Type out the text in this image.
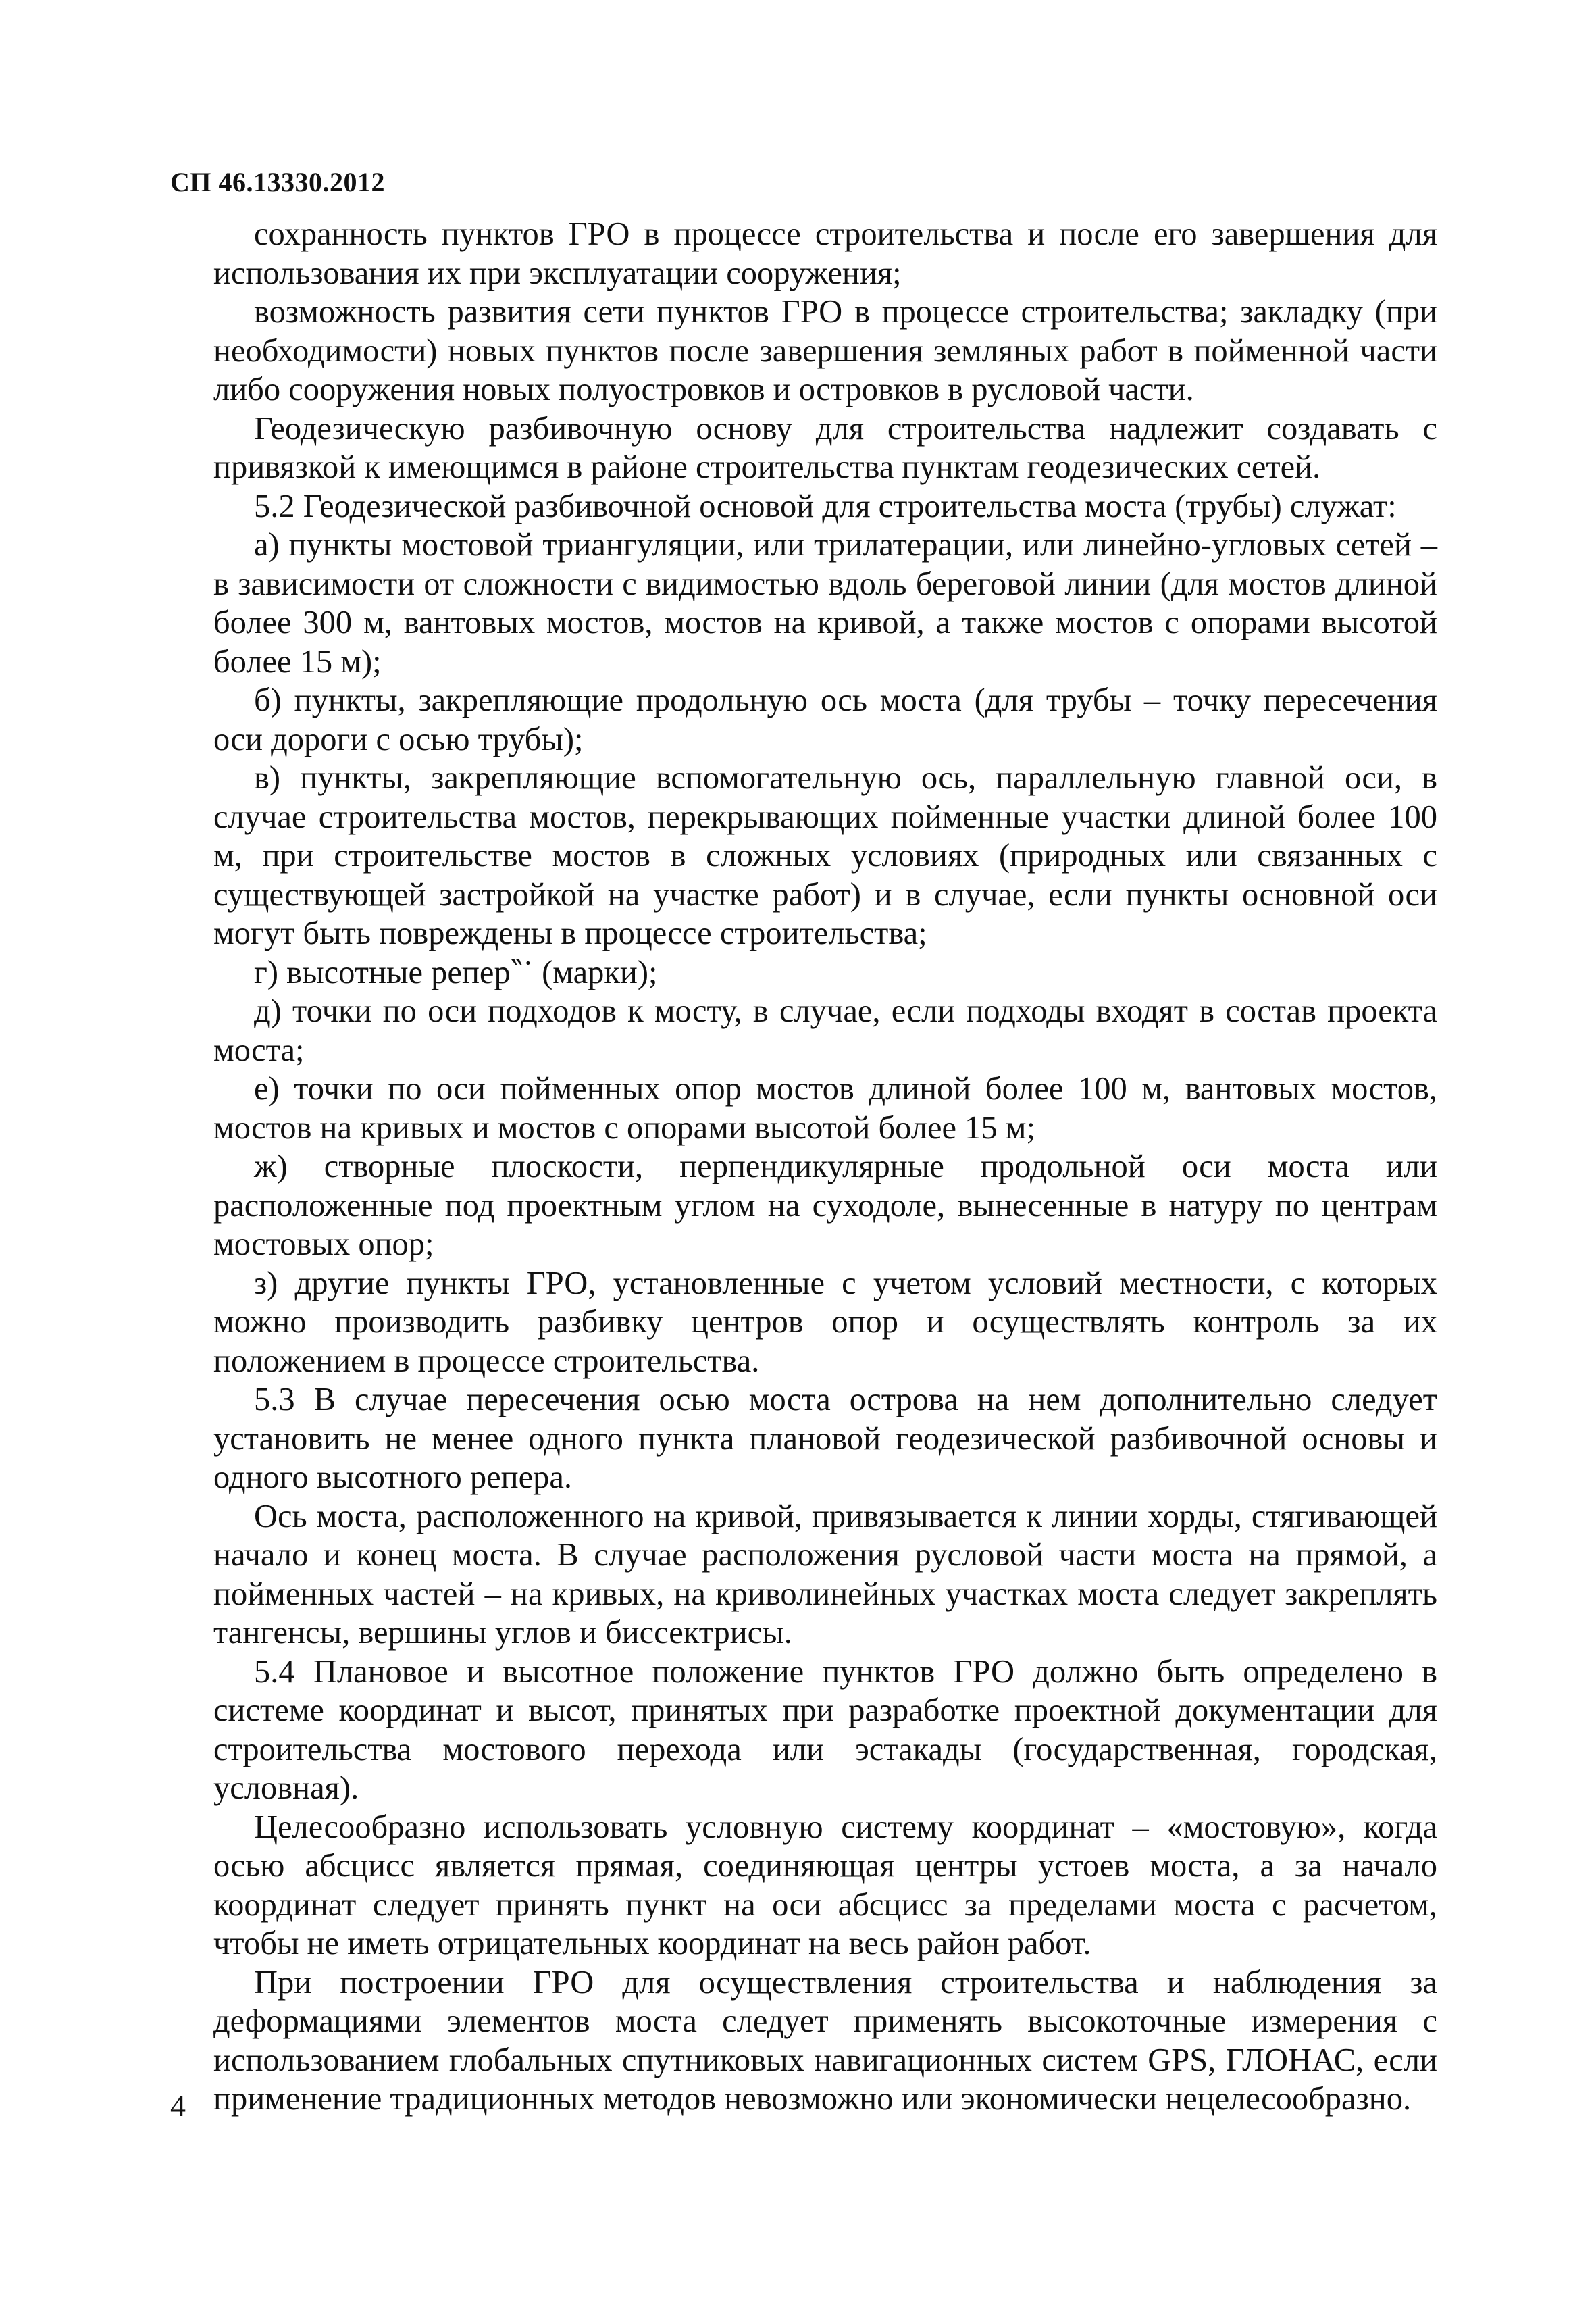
СП 46.13330.2012

сохранность пунктов ГРО в процессе строительства и после его завершения для использования их при эксплуатации сооружения;

возможность развития сети пунктов ГРО в процессе строительства; закладку (при необходимости) новых пунктов после завершения земляных работ в пойменной части либо сооружения новых полуостровков и островков в русловой части.

Геодезическую разбивочную основу для строительства надлежит создавать с привязкой к имеющимся в районе строительства пунктам геодезических сетей.

5.2 Геодезической разбивочной основой для строительства моста (трубы) служат:

а) пункты мостовой триангуляции, или трилатерации, или линейно-угловых сетей – в зависимости от сложности с видимостью вдоль береговой линии (для мостов длиной более 300 м, вантовых мостов, мостов на кривой, а также мостов с опорами высотой более 15 м);

б) пункты, закрепляющие продольную ось моста (для трубы – точку пересечения оси дороги с осью трубы);

в) пункты, закрепляющие вспомогательную ось, параллельную главной оси, в случае строительства мостов, перекрывающих пойменные участки длиной более 100 м, при строительстве мостов в сложных условиях (природных или связанных с существующей застройкой на участке работ) и в случае, если пункты основной оси могут быть повреждены в процессе строительства;

г) высотные репер‶˙ (марки);

д) точки по оси подходов к мосту, в случае, если подходы входят в состав проекта моста;

е) точки по оси пойменных опор мостов длиной более 100 м, вантовых мостов, мостов на кривых и мостов с опорами высотой более 15 м;

ж) створные плоскости, перпендикулярные продольной оси моста или расположенные под проектным углом на суходоле, вынесенные в натуру по центрам мостовых опор;

з) другие пункты ГРО, установленные с учетом условий местности, с которых можно производить разбивку центров опор и осуществлять контроль за их положением в процессе строительства.

5.3 В случае пересечения осью моста острова на нем дополнительно следует установить не менее одного пункта плановой геодезической разбивочной основы и одного высотного репера.

Ось моста, расположенного на кривой, привязывается к линии хорды, стягивающей начало и конец моста. В случае расположения русловой части моста на прямой, а пойменных частей – на кривых, на криволинейных участках моста следует закреплять тангенсы, вершины углов и биссектрисы.

5.4 Плановое и высотное положение пунктов ГРО должно быть определено в системе координат и высот, принятых при разработке проектной документации для строительства мостового перехода или эстакады (государственная, городская, условная).

Целесообразно использовать условную систему координат – «мостовую», когда осью абсцисс является прямая, соединяющая центры устоев моста, а за начало координат следует принять пункт на оси абсцисс за пределами моста с расчетом, чтобы не иметь отрицательных координат на весь район работ.

При построении ГРО для осуществления строительства и наблюдения за деформациями элементов моста следует применять высокоточные измерения с использованием глобальных спутниковых навигационных систем GPS, ГЛОНАС, если применение традиционных методов невозможно или экономически нецелесообразно.

4
